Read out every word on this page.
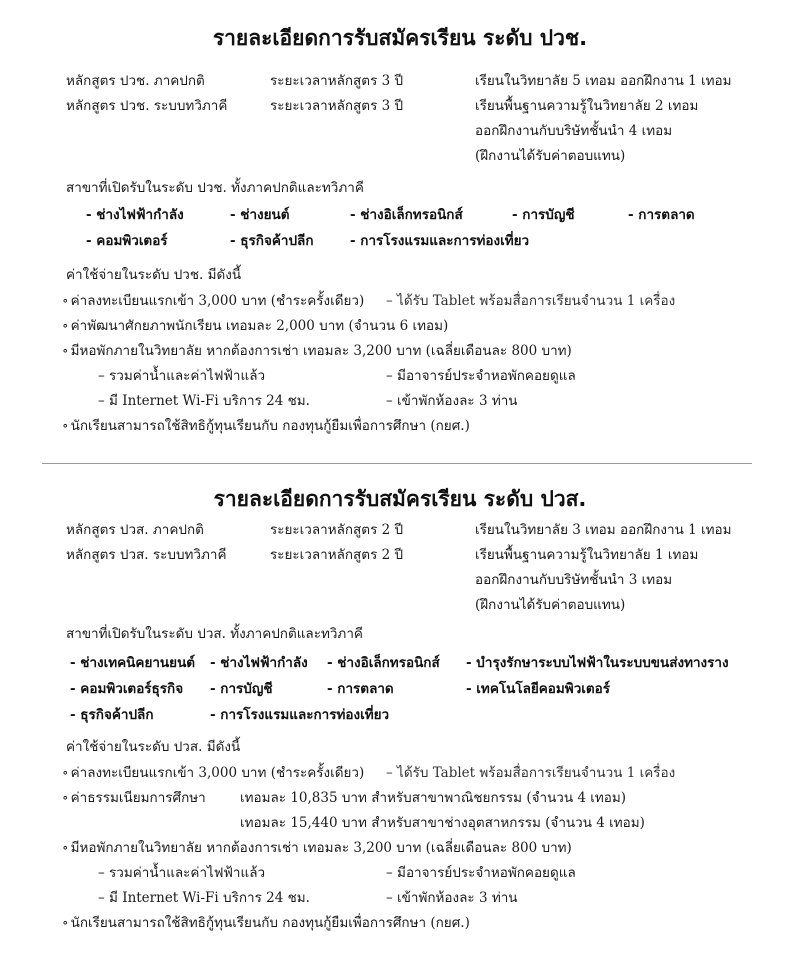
รายละเอียดการรับสมัครเรียน ระดับ ปวช.
หลักสูตร ปวช. ภาคปกติ	ระยะเวลาหลักสูตร 3 ปี	เรียนในวิทยาลัย 5 เทอม ออกฝึกงาน 1 เทอม
หลักสูตร ปวช. ระบบทวิภาคี	ระยะเวลาหลักสูตร 3 ปี	เรียนพื้นฐานความรู้ในวิทยาลัย 2 เทอม
ออกฝึกงานกับบริษัทชั้นนำ 4 เทอม
(ฝึกงานได้รับค่าตอบแทน)
สาขาที่เปิดรับในระดับ ปวช. ทั้งภาคปกติและทวิภาคี
- ช่างไฟฟ้ากำลัง	- ช่างยนต์	- ช่างอิเล็กทรอนิกส์	- การบัญชี	- การตลาด
- คอมพิวเตอร์	- ธุรกิจค้าปลีก	- การโรงแรมและการท่องเที่ยว
ค่าใช้จ่ายในระดับ ปวช. มีดังนี้
∘ ค่าลงทะเบียนแรกเข้า 3,000 บาท (ชำระครั้งเดียว) – ได้รับ Tablet พร้อมสื่อการเรียนจำนวน 1 เครื่อง
∘ ค่าพัฒนาศักยภาพนักเรียน เทอมละ 2,000 บาท (จำนวน 6 เทอม)
∘ มีหอพักภายในวิทยาลัย หากต้องการเช่า เทอมละ 3,200 บาท (เฉลี่ยเดือนละ 800 บาท)
– รวมค่าน้ำและค่าไฟฟ้าแล้ว	– มีอาจารย์ประจำหอพักคอยดูแล
– มี Internet Wi-Fi บริการ 24 ชม.	– เข้าพักห้องละ 3 ท่าน
∘ นักเรียนสามารถใช้สิทธิกู้ทุนเรียนกับ กองทุนกู้ยืมเพื่อการศึกษา (กยศ.)
รายละเอียดการรับสมัครเรียน ระดับ ปวส.
หลักสูตร ปวส. ภาคปกติ	ระยะเวลาหลักสูตร 2 ปี	เรียนในวิทยาลัย 3 เทอม ออกฝึกงาน 1 เทอม
หลักสูตร ปวส. ระบบทวิภาคี	ระยะเวลาหลักสูตร 2 ปี	เรียนพื้นฐานความรู้ในวิทยาลัย 1 เทอม
ออกฝึกงานกับบริษัทชั้นนำ 3 เทอม
(ฝึกงานได้รับค่าตอบแทน)
สาขาที่เปิดรับในระดับ ปวส. ทั้งภาคปกติและทวิภาคี
- ช่างเทคนิคยานยนต์ - ช่างไฟฟ้ากำลัง - ช่างอิเล็กทรอนิกส์ - บำรุงรักษาระบบไฟฟ้าในระบบขนส่งทางราง
- คอมพิวเตอร์ธุรกิจ - การบัญชี	- การตลาด	- เทคโนโลยีคอมพิวเตอร์
- ธุรกิจค้าปลีก	- การโรงแรมและการท่องเที่ยว
ค่าใช้จ่ายในระดับ ปวส. มีดังนี้
∘ ค่าลงทะเบียนแรกเข้า 3,000 บาท (ชำระครั้งเดียว) – ได้รับ Tablet พร้อมสื่อการเรียนจำนวน 1 เครื่อง
∘ ค่าธรรมเนียมการศึกษา	เทอมละ 10,835 บาท สำหรับสาขาพาณิชยกรรม (จำนวน 4 เทอม)
เทอมละ 15,440 บาท สำหรับสาขาช่างอุตสาหกรรม (จำนวน 4 เทอม)
∘ มีหอพักภายในวิทยาลัย หากต้องการเช่า เทอมละ 3,200 บาท (เฉลี่ยเดือนละ 800 บาท)
– รวมค่าน้ำและค่าไฟฟ้าแล้ว	– มีอาจารย์ประจำหอพักคอยดูแล
– มี Internet Wi-Fi บริการ 24 ชม.	– เข้าพักห้องละ 3 ท่าน
∘ นักเรียนสามารถใช้สิทธิกู้ทุนเรียนกับ กองทุนกู้ยืมเพื่อการศึกษา (กยศ.)
